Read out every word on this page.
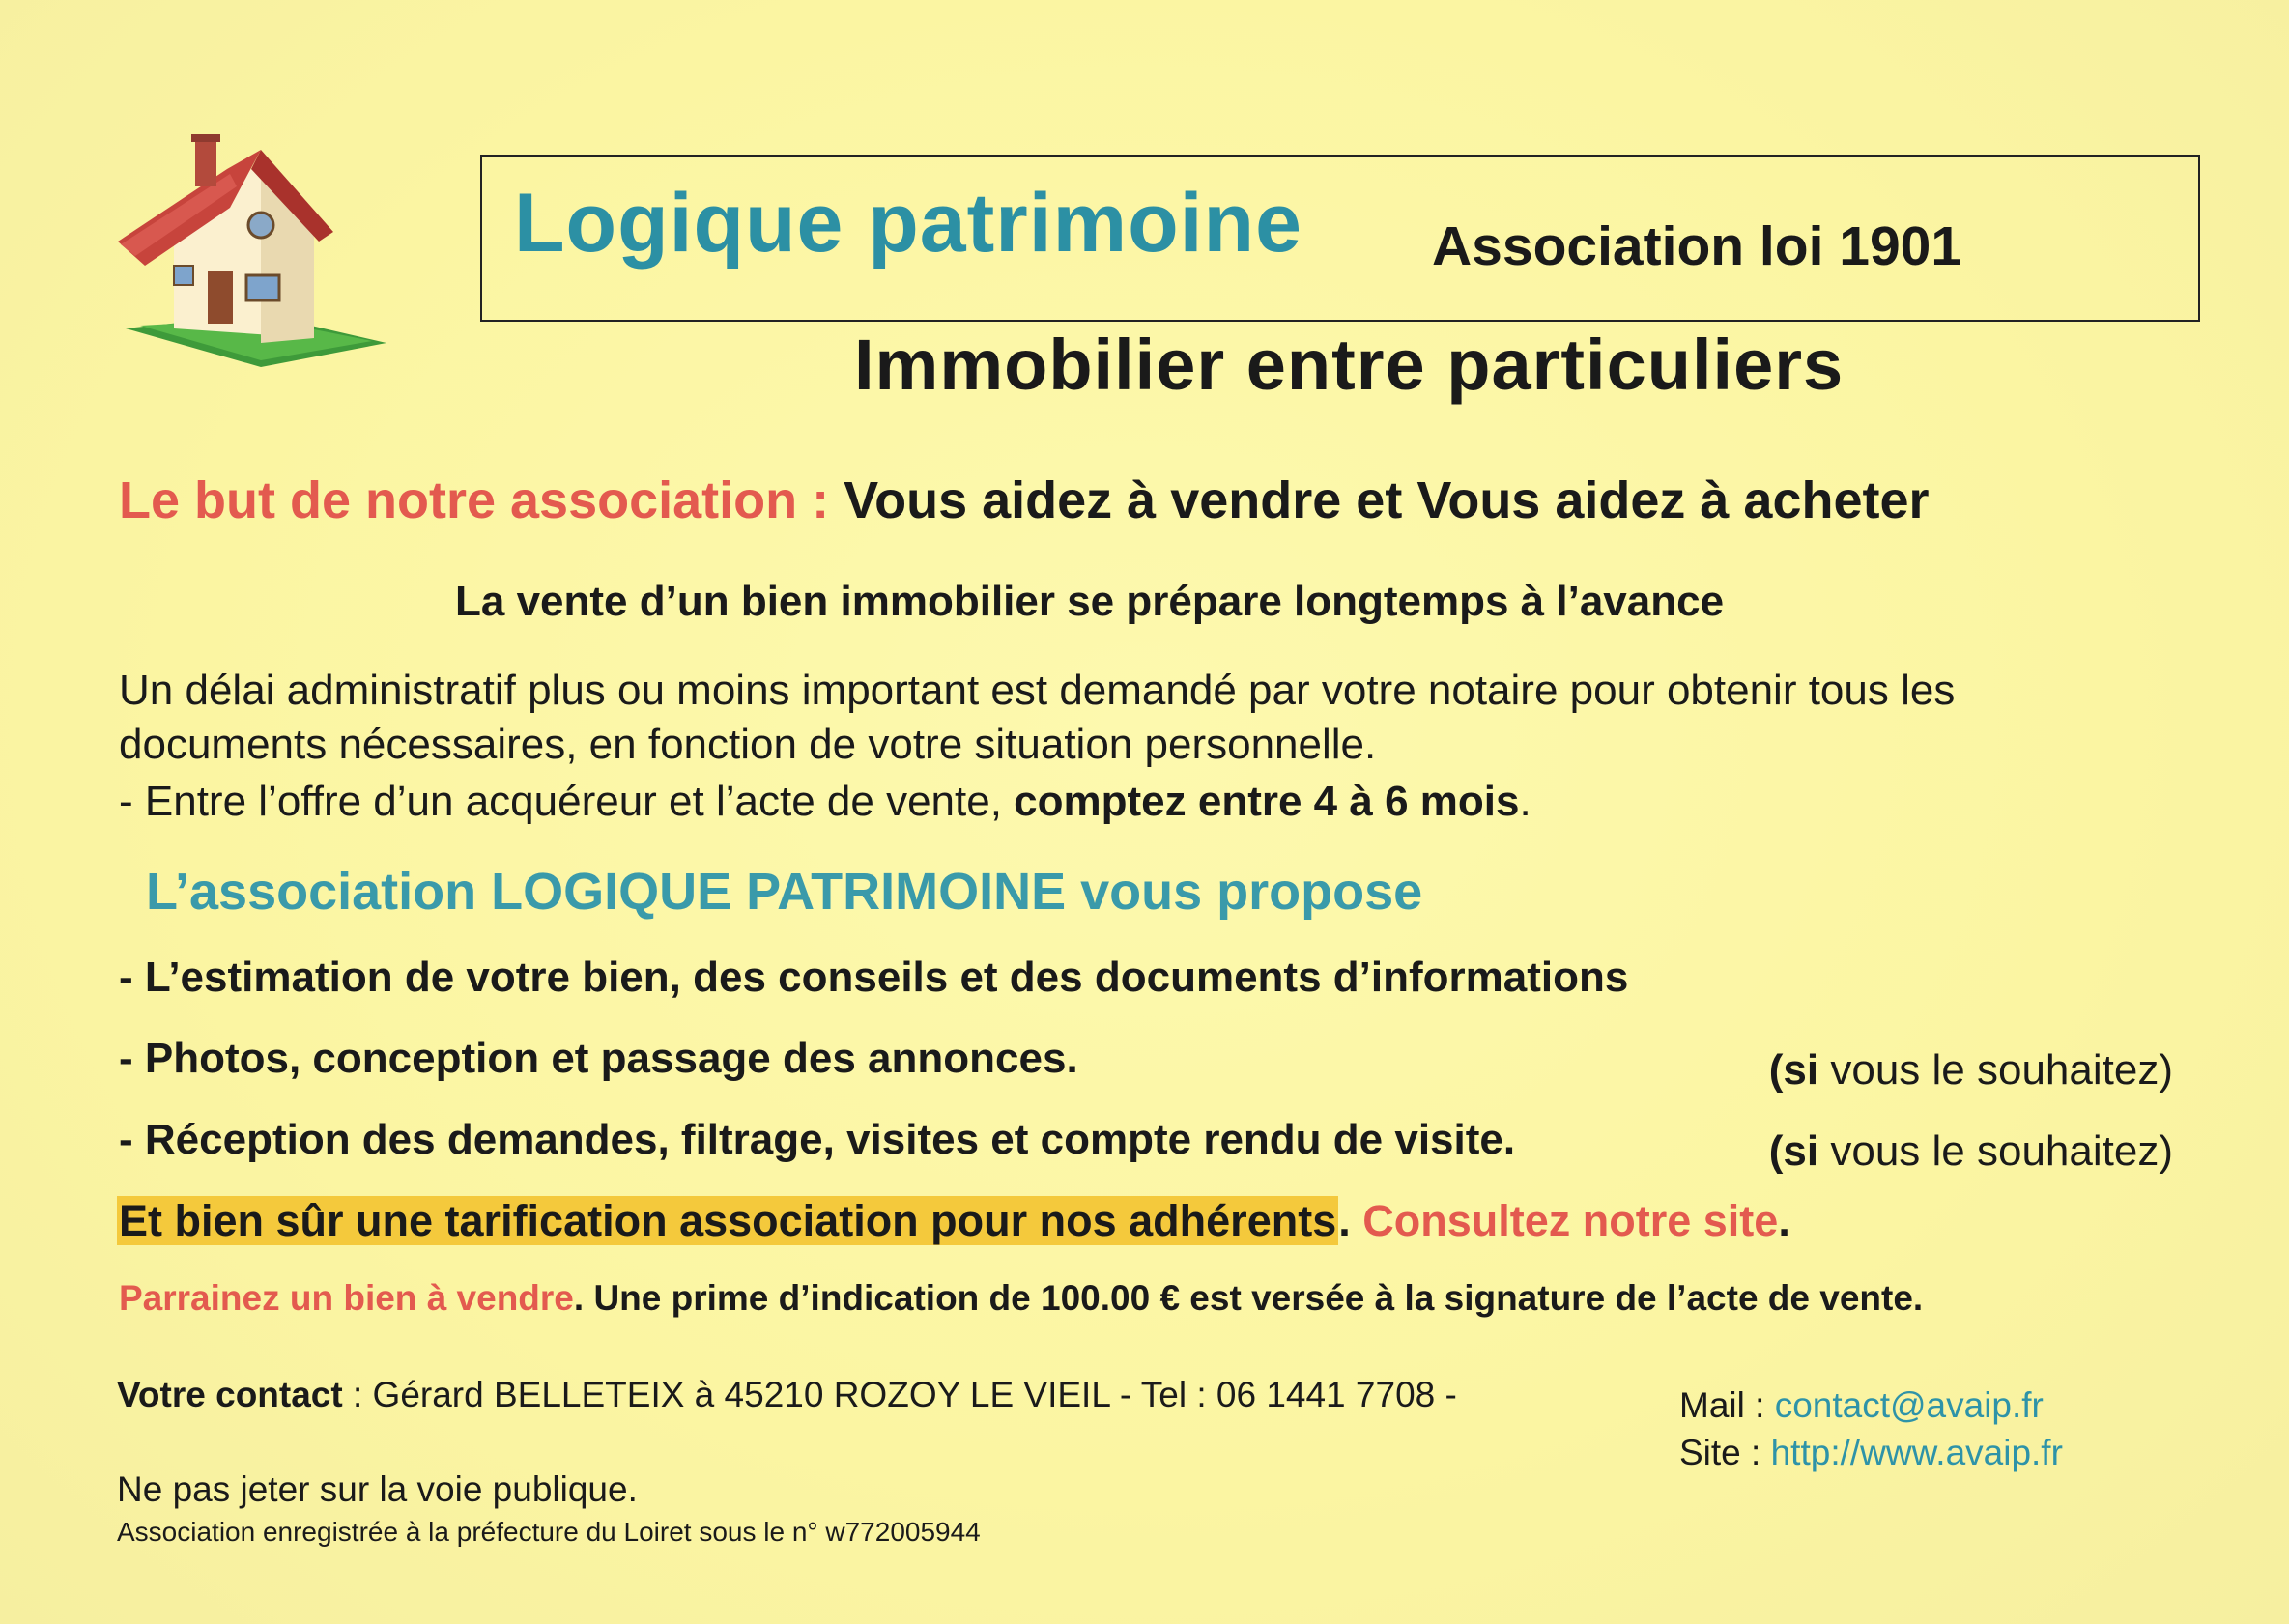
Logique patrimoine Association loi 1901
Immobilier entre particuliers
Le but de notre association : Vous aidez à vendre et Vous aidez à acheter
La vente d’un bien immobilier se prépare longtemps à l’avance
Un délai administratif plus ou moins important est demandé par votre notaire pour obtenir tous les
documents nécessaires, en fonction de votre situation personnelle.
- Entre l’offre d’un acquéreur et l’acte de vente, comptez entre 4 à 6 mois.
L’association LOGIQUE PATRIMOINE vous propose
- L’estimation de votre bien, des conseils et des documents d’informations
- Photos, conception et passage des annonces.	(si vous le souhaitez)
- Réception des demandes, filtrage, visites et compte rendu de visite.	(si vous le souhaitez)
Et bien sûr une tarification association pour nos adhérents. Consultez notre site.
Parrainez un bien à vendre. Une prime d’indication de 100.00 € est versée à la signature de l’acte de vente.
Votre contact : Gérard BELLETEIX à 45210 ROZOY LE VIEIL - Tel : 06 1441 7708 -	Mail : contact@avaip.fr
Site : http://www.avaip.fr
Ne pas jeter sur la voie publique.
Association enregistrée à la préfecture du Loiret sous le n° w772005944
